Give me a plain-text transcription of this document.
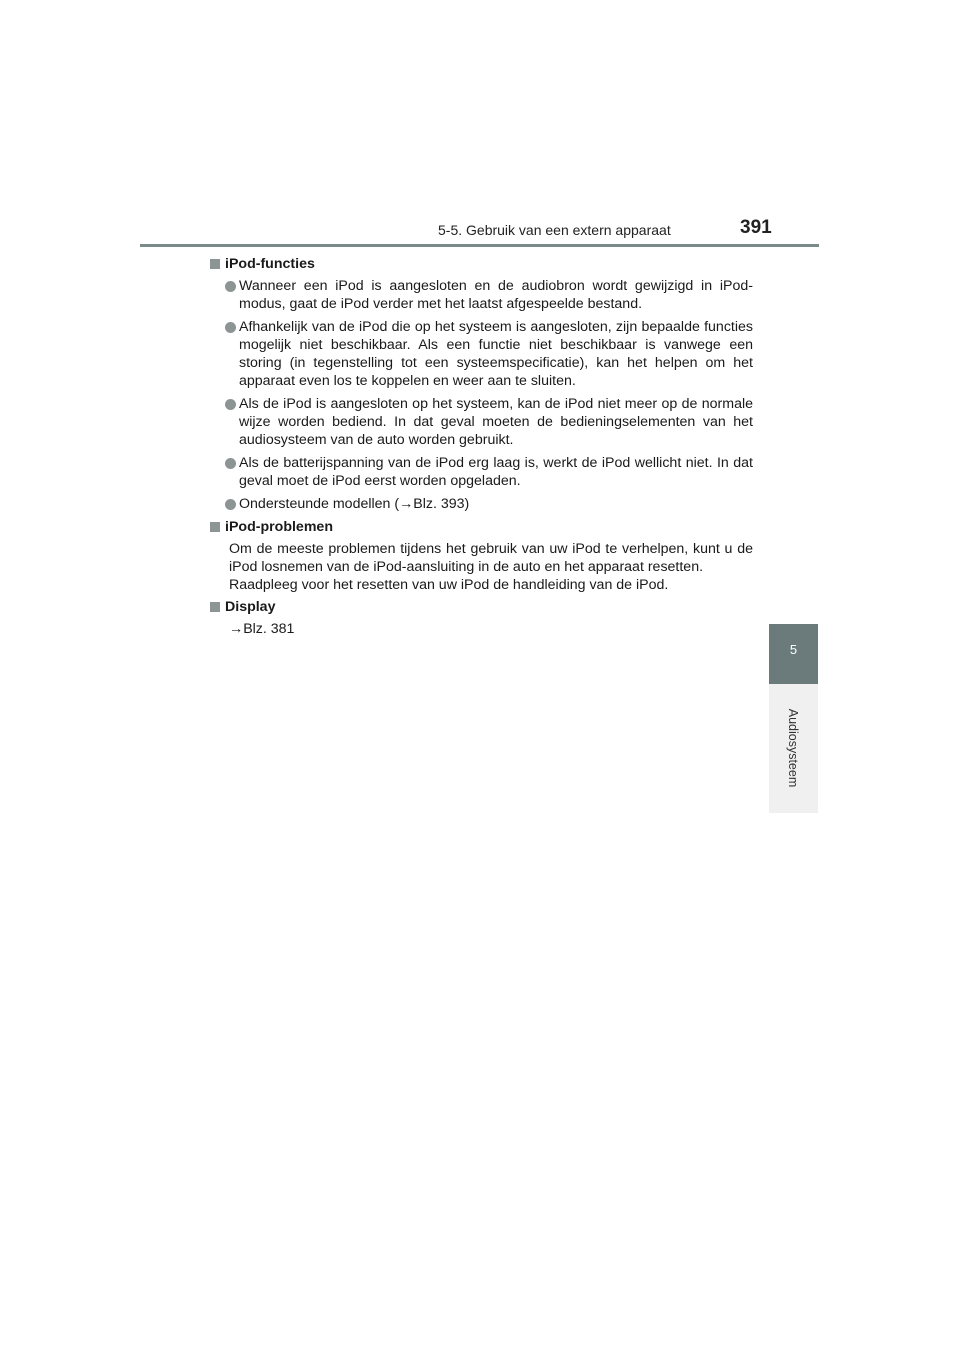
5-5. Gebruik van een extern apparaat	391
5
Audiosysteem
iPod-functies
Wanneer een iPod is aangesloten en de audiobron wordt gewijzigd in iPod-modus, gaat de iPod verder met het laatst afgespeelde bestand.
Afhankelijk van de iPod die op het systeem is aangesloten, zijn bepaalde functies mogelijk niet beschikbaar. Als een functie niet beschikbaar is vanwege een storing (in tegenstelling tot een systeemspecificatie), kan het helpen om het apparaat even los te koppelen en weer aan te sluiten.
Als de iPod is aangesloten op het systeem, kan de iPod niet meer op de normale wijze worden bediend. In dat geval moeten de bedieningselementen van het audiosysteem van de auto worden gebruikt.
Als de batterijspanning van de iPod erg laag is, werkt de iPod wellicht niet. In dat geval moet de iPod eerst worden opgeladen.
Ondersteunde modellen (→Blz. 393)
iPod-problemen

Om de meeste problemen tijdens het gebruik van uw iPod te verhelpen, kunt u de iPod losnemen van de iPod-aansluiting in de auto en het apparaat resetten.

Raadpleeg voor het resetten van uw iPod de handleiding van de iPod.

Display

→Blz. 381
